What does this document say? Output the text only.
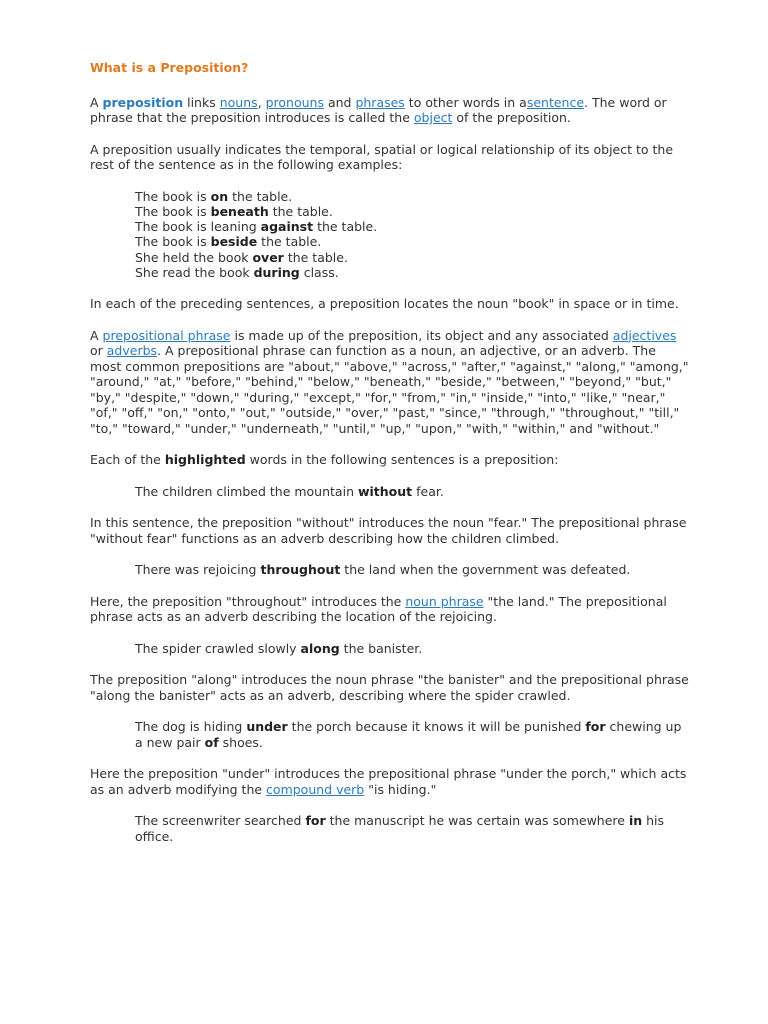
What is a Preposition?

A preposition links nouns, pronouns and phrases to other words in asentence. The word or phrase that the preposition introduces is called the object of the preposition.

A preposition usually indicates the temporal, spatial or logical relationship of its object to the rest of the sentence as in the following examples:

The book is on the table.
The book is beneath the table.
The book is leaning against the table.
The book is beside the table.
She held the book over the table.
She read the book during class.

In each of the preceding sentences, a preposition locates the noun "book" in space or in time.

A prepositional phrase is made up of the preposition, its object and any associated adjectives or adverbs. A prepositional phrase can function as a noun, an adjective, or an adverb. The most common prepositions are "about," "above," "across," "after," "against," "along," "among," "around," "at," "before," "behind," "below," "beneath," "beside," "between," "beyond," "but," "by," "despite," "down," "during," "except," "for," "from," "in," "inside," "into," "like," "near," "of," "off," "on," "onto," "out," "outside," "over," "past," "since," "through," "throughout," "till," "to," "toward," "under," "underneath," "until," "up," "upon," "with," "within," and "without."

Each of the highlighted words in the following sentences is a preposition:

The children climbed the mountain without fear.

In this sentence, the preposition "without" introduces the noun "fear." The prepositional phrase "without fear" functions as an adverb describing how the children climbed.

There was rejoicing throughout the land when the government was defeated.

Here, the preposition "throughout" introduces the noun phrase "the land." The prepositional phrase acts as an adverb describing the location of the rejoicing.

The spider crawled slowly along the banister.

The preposition "along" introduces the noun phrase "the banister" and the prepositional phrase "along the banister" acts as an adverb, describing where the spider crawled.

The dog is hiding under the porch because it knows it will be punished for chewing up a new pair of shoes.

Here the preposition "under" introduces the prepositional phrase "under the porch," which acts as an adverb modifying the compound verb "is hiding."

The screenwriter searched for the manuscript he was certain was somewhere in his office.
